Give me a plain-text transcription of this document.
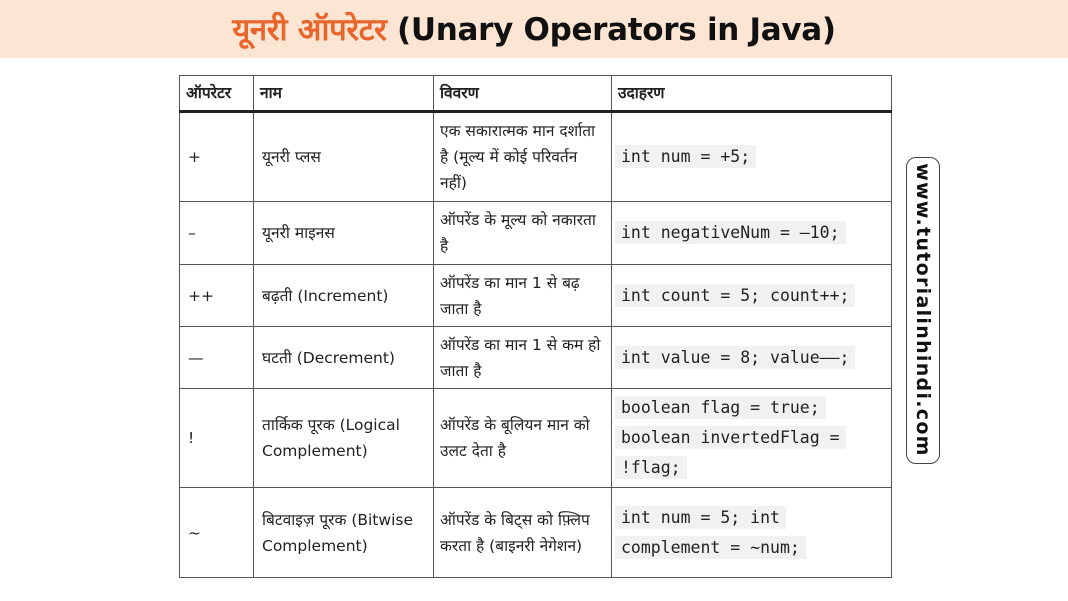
यूनरी ऑपरेटर (Unary Operators in Java)
ऑपरेटर	नाम	विवरण	उदाहरण
+	यूनरी प्लस	एक सकारात्मक मान दर्शाता है (मूल्य में कोई परिवर्तन नहीं)	int num = +5;
–	यूनरी माइनस	ऑपरेंड के मूल्य को नकारता है	int negativeNum = –10;
++	बढ़ती (Increment)	ऑपरेंड का मान 1 से बढ़ जाता है	int count = 5; count++;
—	घटती (Decrement)	ऑपरेंड का मान 1 से कम हो जाता है	int value = 8; value––;
!	तार्किक पूरक (Logical Complement)	ऑपरेंड के बूलियन मान को उलट देता है	boolean flag = true; boolean invertedFlag = !flag;
~	बिटवाइज़ पूरक (Bitwise Complement)	ऑपरेंड के बिट्स को फ़्लिप करता है (बाइनरी नेगेशन)	int num = 5; int complement = ~num;
www.tutorialinhindi.com
